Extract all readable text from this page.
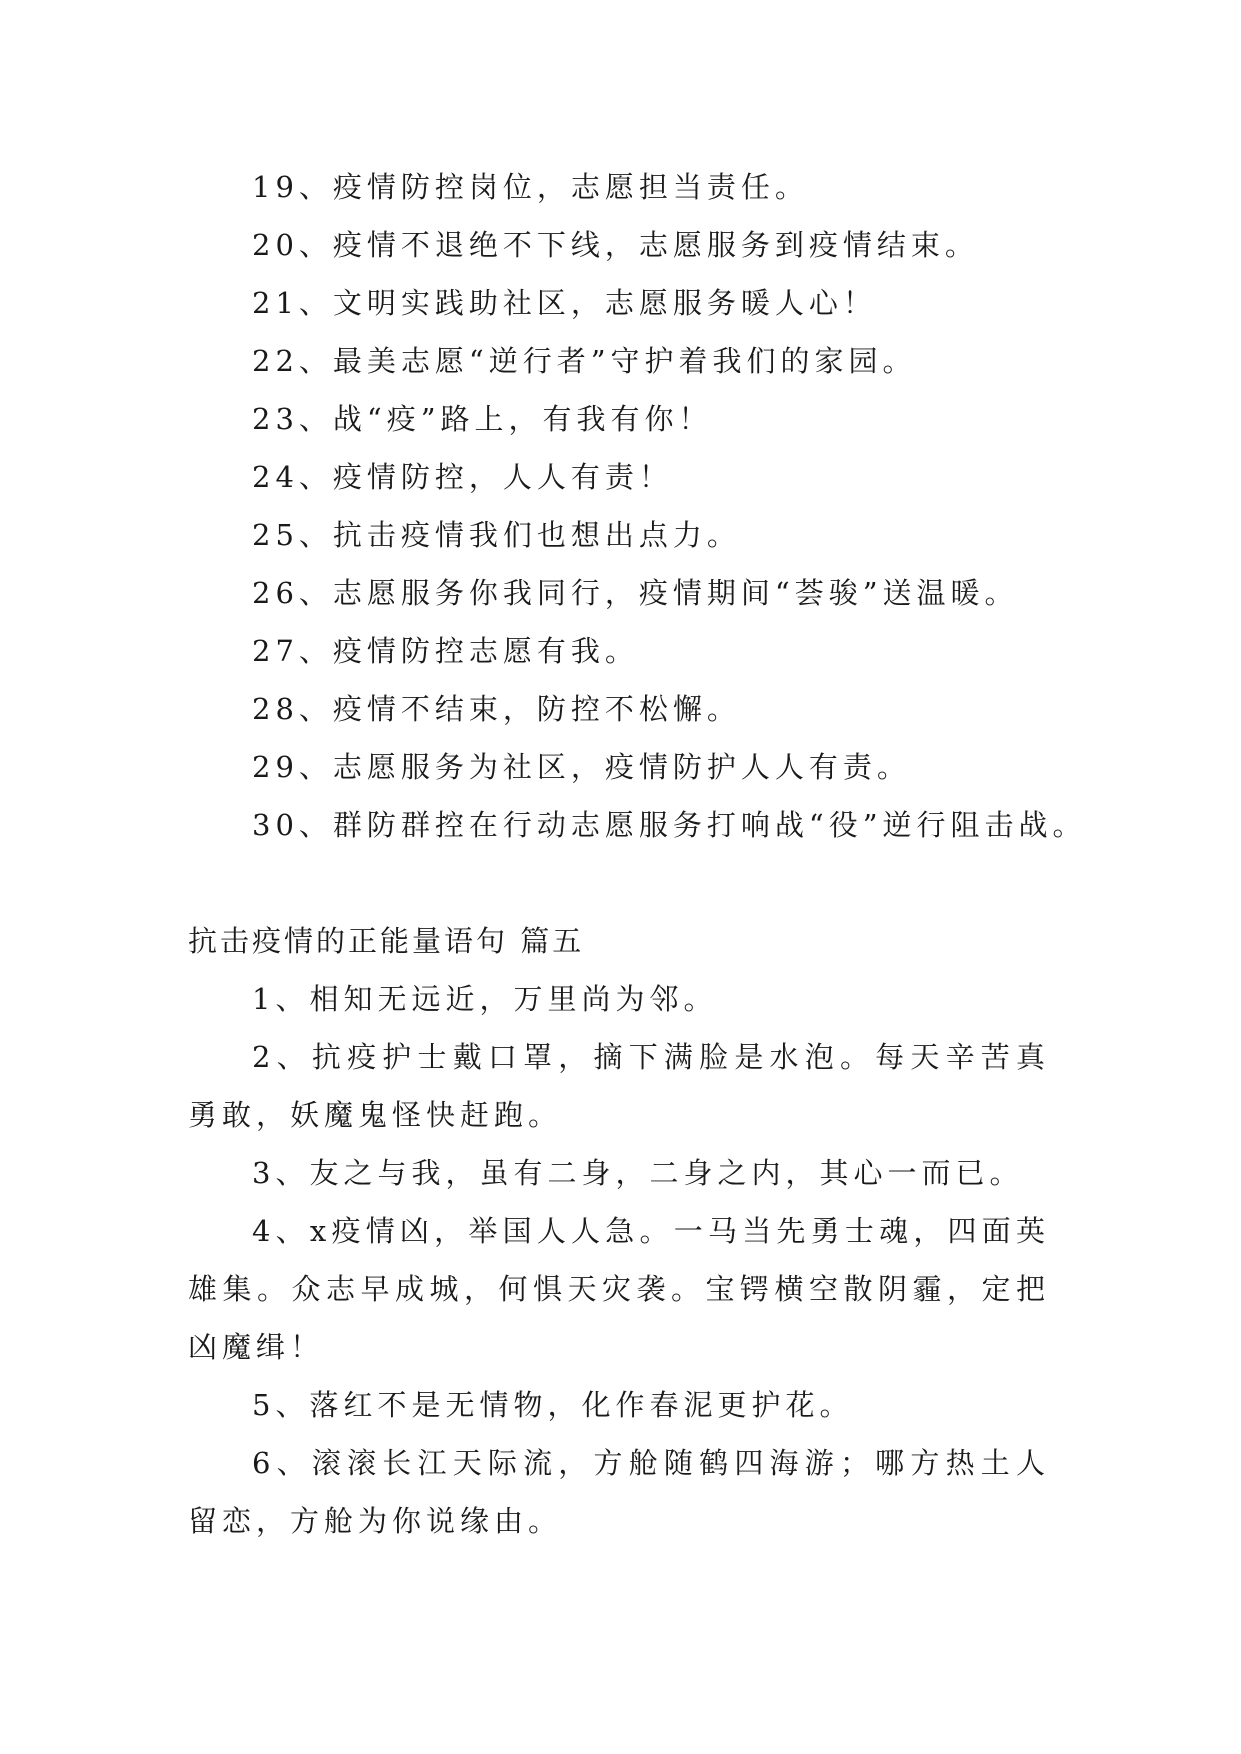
19、疫情防控岗位，志愿担当责任。

20、疫情不退绝不下线，志愿服务到疫情结束。

21、文明实践助社区，志愿服务暖人心！

22、最美志愿“逆行者”守护着我们的家园。

23、战“疫”路上，有我有你！

24、疫情防控，人人有责！

25、抗击疫情我们也想出点力。

26、志愿服务你我同行，疫情期间“荟骏”送温暖。

27、疫情防控志愿有我。

28、疫情不结束，防控不松懈。

29、志愿服务为社区，疫情防护人人有责。

30、群防群控在行动志愿服务打响战“役”逆行阻击战。

抗击疫情的正能量语句 篇五

1、相知无远近，万里尚为邻。

2、抗疫护士戴口罩，摘下满脸是水泡。每天辛苦真勇敢，妖魔鬼怪快赶跑。

3、友之与我，虽有二身，二身之内，其心一而已。

4、x疫情凶，举国人人急。一马当先勇士魂，四面英雄集。众志早成城，何惧天灾袭。宝锷横空散阴霾，定把凶魔缉！

5、落红不是无情物，化作春泥更护花。

6、滚滚长江天际流，方舱随鹤四海游；哪方热土人留恋，方舱为你说缘由。
